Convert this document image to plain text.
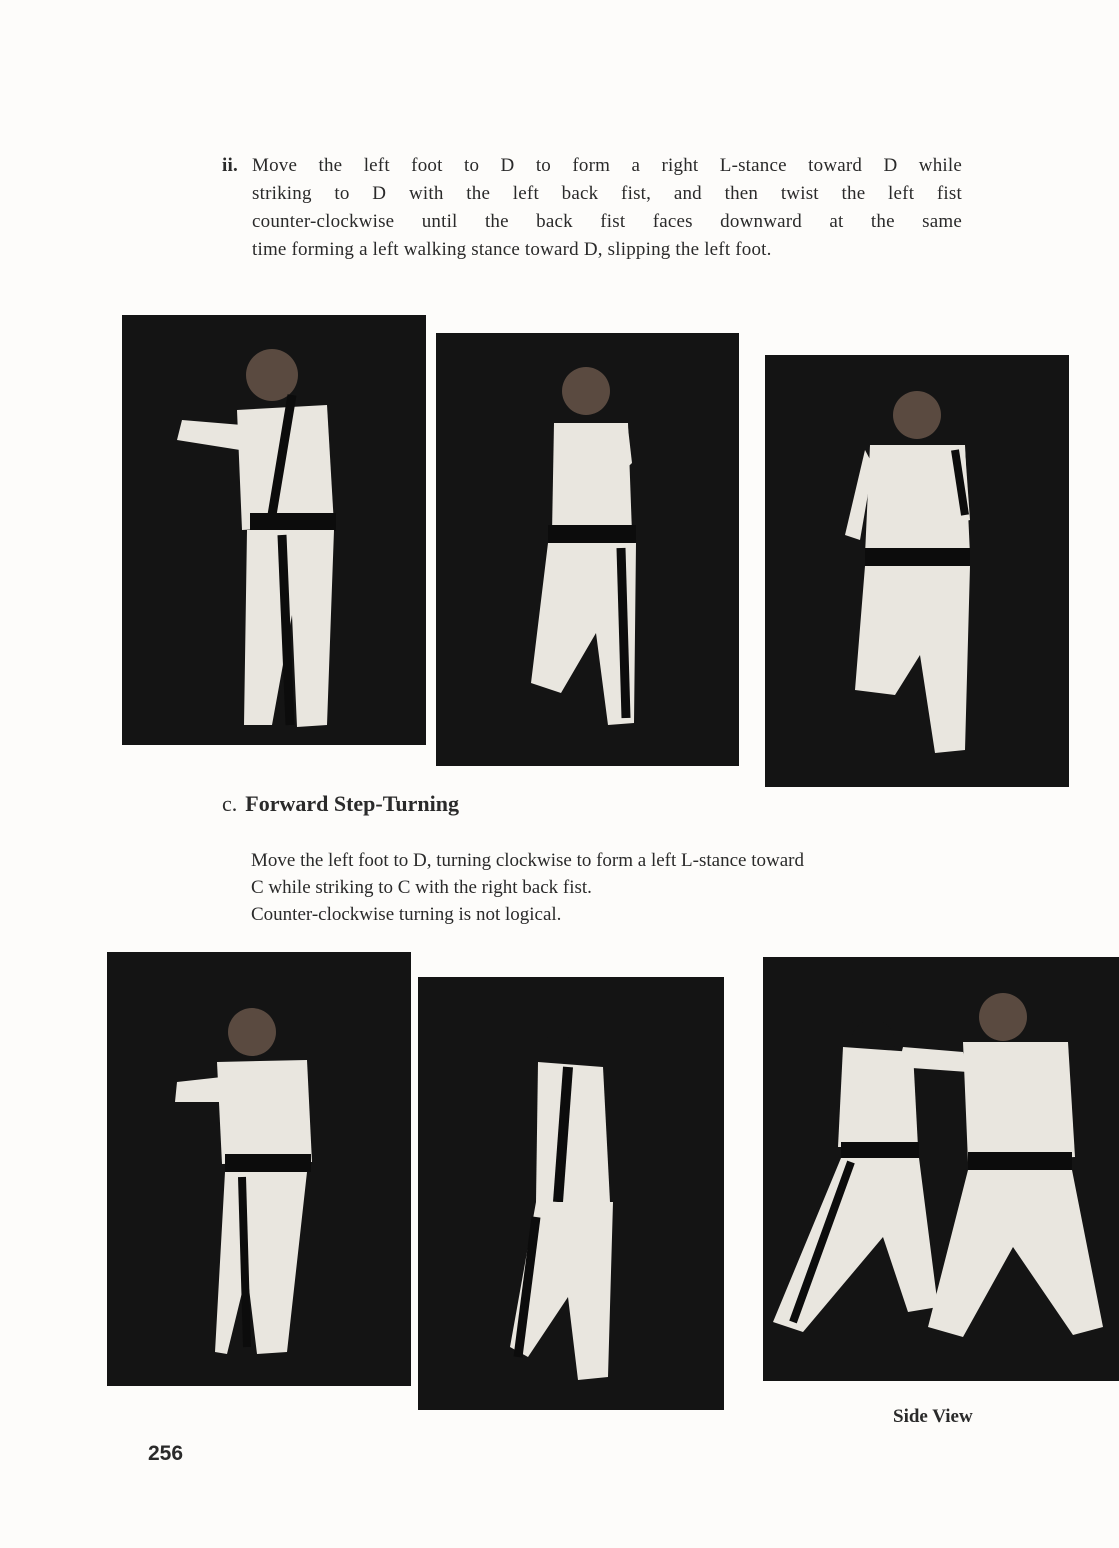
ii. Move the left foot to D to form a right L-stance toward D while
striking to D with the left back fist, and then twist the left fist
counter-clockwise until the back fist faces downward at the same
time forming a left walking stance toward D, slipping the left foot.
c. Forward Step-Turning
Move the left foot to D, turning clockwise to form a left L-stance toward
C while striking to C with the right back fist.
Counter-clockwise turning is not logical.
Side View
256
